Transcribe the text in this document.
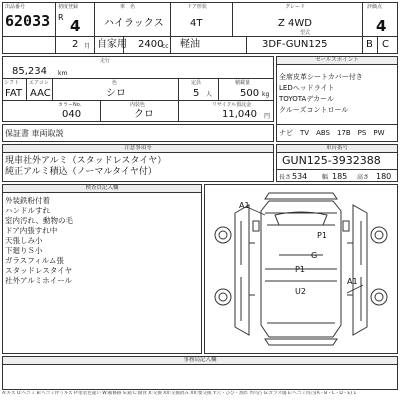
出品番号	初度登録	車　名	ドア形状	グレード	評価点
型式
62033 R 4 ハイラックス	4T	Z 4WD	4
2 月 自家用 2400
cc 軽油	3DF-GUN125	B C
走行
85,234 km
シフト エアコン	色	定員	積載量
FAT AAC	シロ	5 人	500 kg
カラーNo.	内装色	リサイクル預託金
040	クロ	11,040 円
保証書 車両取説
セールスポイント
全席皮革シートカバー付き
LEDヘッドライト
TOYOTAデカール
クルーズコントロール
ナビ　TV　ABS　17B　PS　PW
注意事項等
現車社外アルミ（スタッドレスタイヤ）
純正アルミ積込（ノーマルタイヤ付）
車台番号
GUN125-3932388
長さ 534 幅 185 高さ 180
検査員記入欄
外装鉄粉付着
ハンドルすれ
室内汚れ、動物の毛
ドア内張すれ中
天張しみ小
下廻りＳ小
ガラスフィルム張
スタッドレスタイヤ
社外アルミホイール
A1
P1
G
P1
A1
U2
事務局記入欄
A:キズ U:ヘコミ B:ヘコミ伴うキズ P:塗装色違い W:補修跡 S:錆 C:腐食 X:交換 XX:交換済み XX:要交換 Y:穴・ひび・割れ Y:凹凸 G:ガラス傷 E:ヘコミ凹凸(A・B・C・D・E) 1
